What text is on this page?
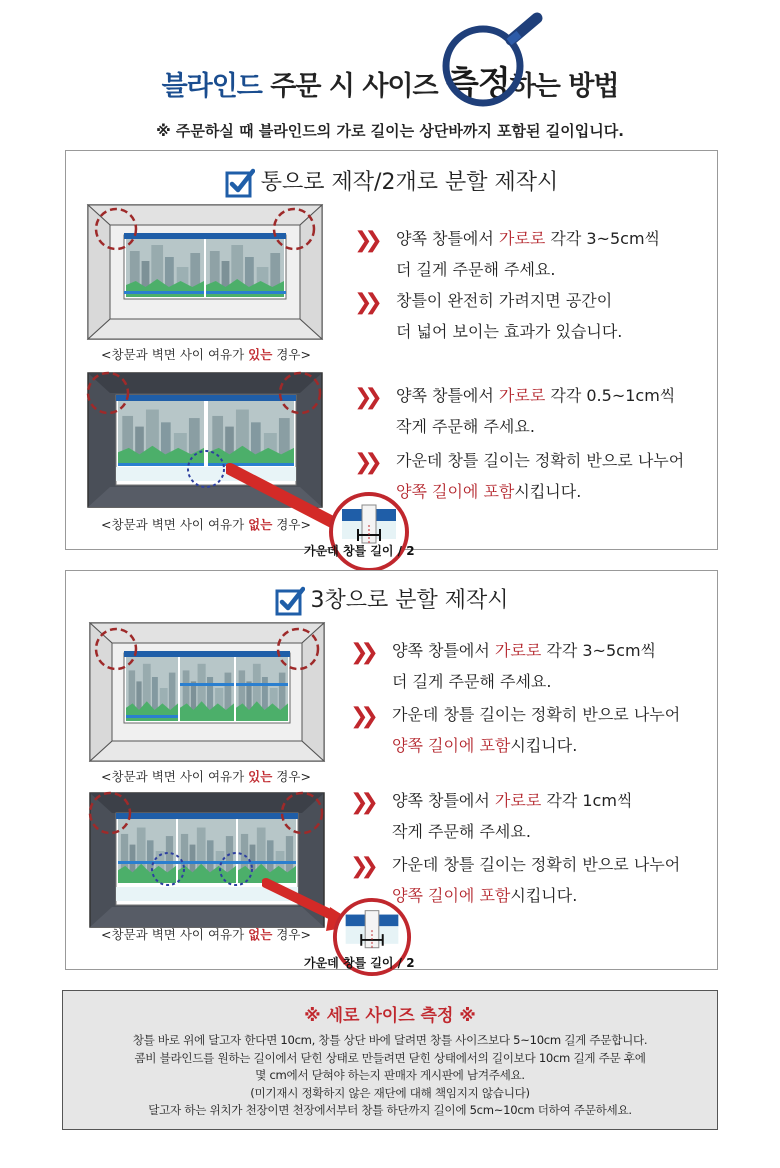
블라인드 주문 시 사이즈 측정하는 방법
※ 주문하실 때 블라인드의 가로 길이는 상단바까지 포함된 길이입니다.
통으로 제작/2개로 분할 제작시
<창문과 벽면 사이 여유가 있는 경우>
❯❯ 양쪽 창틀에서 가로로 각각 3~5cm씩
더 길게 주문해 주세요.
❯❯ 창틀이 완전히 가려지면 공간이
더 넓어 보이는 효과가 있습니다.
<창문과 벽면 사이 여유가 없는 경우>
❯❯ 양쪽 창틀에서 가로로 각각 0.5~1cm씩
작게 주문해 주세요.
❯❯ 가운데 창틀 길이는 정확히 반으로 나누어
양쪽 길이에 포함시킵니다.
가운데 창틀 길이 / 2
3창으로 분할 제작시
<창문과 벽면 사이 여유가 있는 경우>
❯❯ 양쪽 창틀에서 가로로 각각 3~5cm씩
더 길게 주문해 주세요.
❯❯ 가운데 창틀 길이는 정확히 반으로 나누어
양쪽 길이에 포함시킵니다.
<창문과 벽면 사이 여유가 없는 경우>
❯❯ 양쪽 창틀에서 가로로 각각 1cm씩
작게 주문해 주세요.
❯❯ 가운데 창틀 길이는 정확히 반으로 나누어
양쪽 길이에 포함시킵니다.
가운데 창틀 길이 / 2
※ 세로 사이즈 측정 ※
창틀 바로 위에 달고자 한다면 10cm, 창틀 상단 바에 달려면 창틀 사이즈보다 5~10cm 길게 주문합니다.
콤비 블라인드를 원하는 길이에서 닫힌 상태로 만들려면 닫힌 상태에서의 길이보다 10cm 길게 주문 후에
몇 cm에서 닫혀야 하는지 판매자 게시판에 남겨주세요.
(미기재시 정확하지 않은 재단에 대해 책임지지 않습니다)
달고자 하는 위치가 천장이면 천장에서부터 창틀 하단까지 길이에 5cm~10cm 더하여 주문하세요.
